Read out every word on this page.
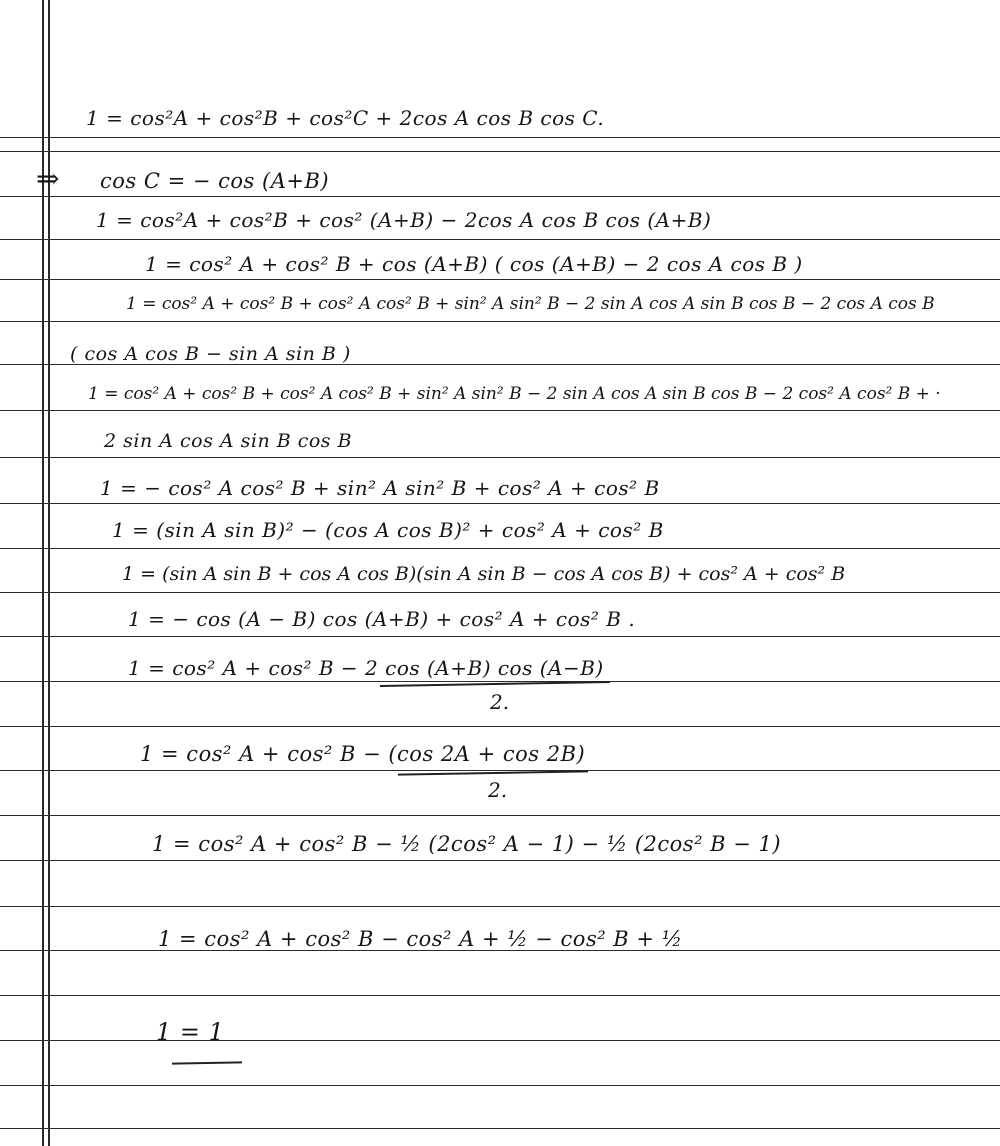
1 = cos²A + cos²B + cos²C + 2cos A cos B cos C.
⇒ cos C = − cos (A+B)
1 = cos²A + cos²B + cos² (A+B) − 2cos A cos B cos (A+B)
1 = cos² A + cos² B + cos (A+B) ( cos (A+B) − 2 cos A cos B )
1 = cos² A + cos² B + cos² A cos² B + sin² A sin² B − 2 sin A cos A sin B cos B − 2 cos A cos B
( cos A cos B − sin A sin B )
1 = cos² A + cos² B + cos² A cos² B + sin² A sin² B − 2 sin A cos A sin B cos B − 2 cos² A cos² B + ·
2 sin A cos A sin B cos B
1 = − cos² A cos² B + sin² A sin² B + cos² A + cos² B
1 = (sin A sin B)² − (cos A cos B)² + cos² A + cos² B
1 = (sin A sin B + cos A cos B)(sin A sin B − cos A cos B) + cos² A + cos² B
1 = − cos (A − B) cos (A+B) + cos² A + cos² B .
1 = cos² A + cos² B − 2 cos (A+B) cos (A−B)
2.
1 = cos² A + cos² B − (cos 2A + cos 2B)
2.
1 = cos² A + cos² B − ½ (2cos² A − 1) − ½ (2cos² B − 1)
1 = cos² A + cos² B − cos² A + ½ − cos² B + ½
1 = 1
